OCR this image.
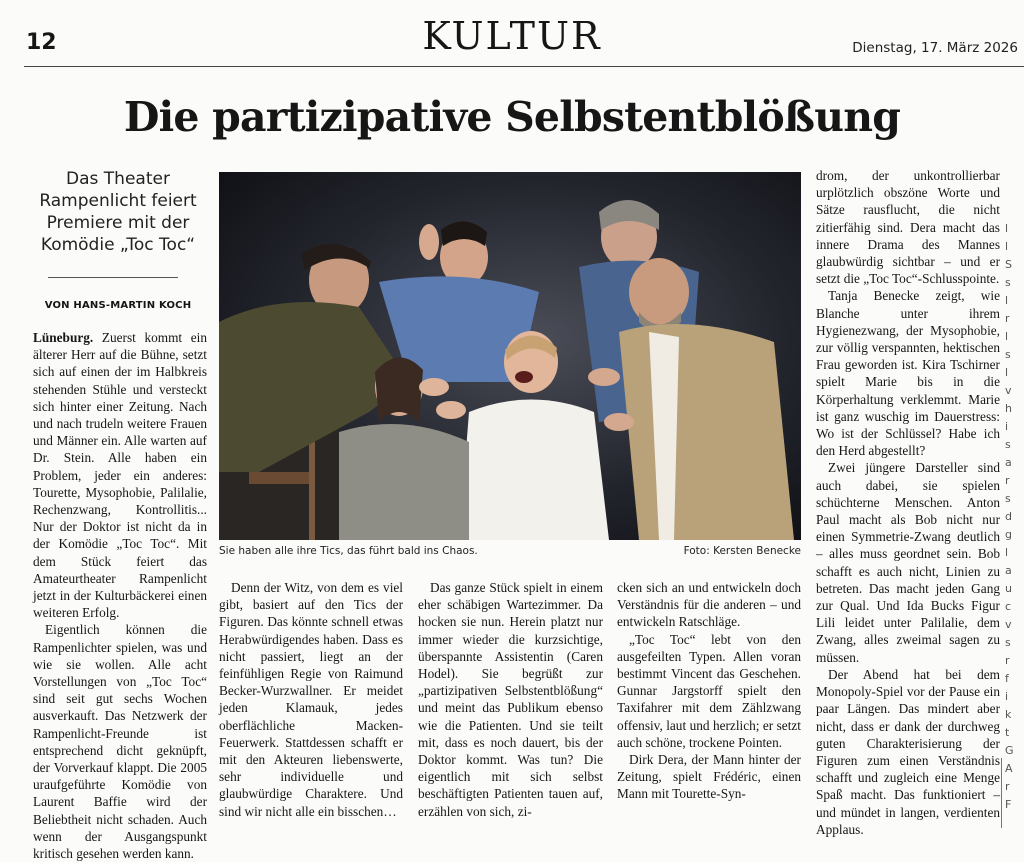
12	KULTUR	Dienstag, 17. März 2026
Die partizipative Selbstentblößung
Das Theater Rampenlicht feiert Premiere mit der Komödie „Toc Toc“
VON HANS-MARTIN KOCH

Lüneburg. Zuerst kommt ein älterer Herr auf die Bühne, setzt sich auf einen der im Halbkreis stehenden Stühle und versteckt sich hinter einer Zeitung. Nach und nach trudeln weitere Frauen und Männer ein. Alle warten auf Dr. Stein. Alle haben ein Problem, jeder ein anderes: Tourette, Mysophobie, Palilalie, Rechenzwang, Kontrollitis... Nur der Doktor ist nicht da in der Komödie „Toc Toc“. Mit dem Stück feiert das Amateurtheater Rampenlicht jetzt in der Kulturbäckerei einen weiteren Erfolg.

Eigentlich können die Rampenlichter spielen, was und wie sie wollen. Alle acht Vorstellungen von „Toc Toc“ sind seit gut sechs Wochen ausverkauft. Das Netzwerk der Rampenlicht-Freunde ist entsprechend dicht geknüpft, der Vorverkauf klappt. Die 2005 uraufgeführte Komödie von Laurent Baffie wird der Beliebtheit nicht schaden. Auch wenn der Ausgangspunkt kritisch gesehen werden kann.

Sie haben alle ihre Tics, das führt bald ins Chaos.	Foto: Kersten Benecke

Denn der Witz, von dem es viel gibt, basiert auf den Tics der Figuren. Das könnte schnell etwas Herabwürdigendes haben. Dass es nicht passiert, liegt an der feinfühligen Regie von Raimund Becker-Wurzwallner. Er meidet jeden Klamauk, jedes oberflächliche Macken-Feuerwerk. Stattdessen schafft er mit den Akteuren liebenswerte, sehr individuelle und glaubwürdige Charaktere. Und sind wir nicht alle ein bisschen…

Das ganze Stück spielt in einem eher schäbigen Wartezimmer. Da hocken sie nun. Herein platzt nur immer wieder die kurzsichtige, überspannte Assistentin (Caren Hodel). Sie begrüßt zur „partizipativen Selbstentblößung“ und meint das Publikum ebenso wie die Patienten. Und sie teilt mit, dass es noch dauert, bis der Doktor kommt. Was tun? Die eigentlich mit sich selbst beschäftigten Patienten tauen auf, erzählen von sich, zi-

cken sich an und entwickeln doch Verständnis für die anderen – und entwickeln Ratschläge.

„Toc Toc“ lebt von den ausgefeilten Typen. Allen voran bestimmt Vincent das Geschehen. Gunnar Jargstorff spielt den Taxifahrer mit dem Zählzwang offensiv, laut und herzlich; er setzt auch schöne, trockene Pointen.

Dirk Dera, der Mann hinter der Zeitung, spielt Frédéric, einen Mann mit Tourette-Syn-

drom, der unkontrollierbar urplötzlich obszöne Worte und Sätze rausflucht, die nicht zitierfähig sind. Dera macht das innere Drama des Mannes glaubwürdig sichtbar – und er setzt die „Toc Toc“-Schlusspointe.

Tanja Benecke zeigt, wie Blanche unter ihrem Hygienezwang, der Mysophobie, zur völlig verspannten, hektischen Frau geworden ist. Kira Tschirner spielt Marie bis in die Körperhaltung verklemmt. Marie ist ganz wuschig im Dauerstress: Wo ist der Schlüssel? Habe ich den Herd abgestellt?

Zwei jüngere Darsteller sind auch dabei, sie spielen schüchterne Menschen. Anton Paul macht als Bob nicht nur einen Symmetrie-Zwang deutlich – alles muss geordnet sein. Bob schafft es auch nicht, Linien zu betreten. Das macht jeden Gang zur Qual. Und Ida Bucks Figur Lili leidet unter Palilalie, dem Zwang, alles zweimal sagen zu müssen.

Der Abend hat bei dem Monopoly-Spiel vor der Pause ein paar Längen. Das mindert aber nicht, dass er dank der durchweg guten Charakterisierung der Figuren zum einen Verständnis schafft und zugleich eine Menge Spaß macht. Das funktioniert – und mündet in langen, verdienten Applaus.

l
l
S
s
l
r
l
s
l
v
h
i
s
a
r
s
d
g
l
a
u
c
v
s
r
f
i
k
t
G
A
r
F
